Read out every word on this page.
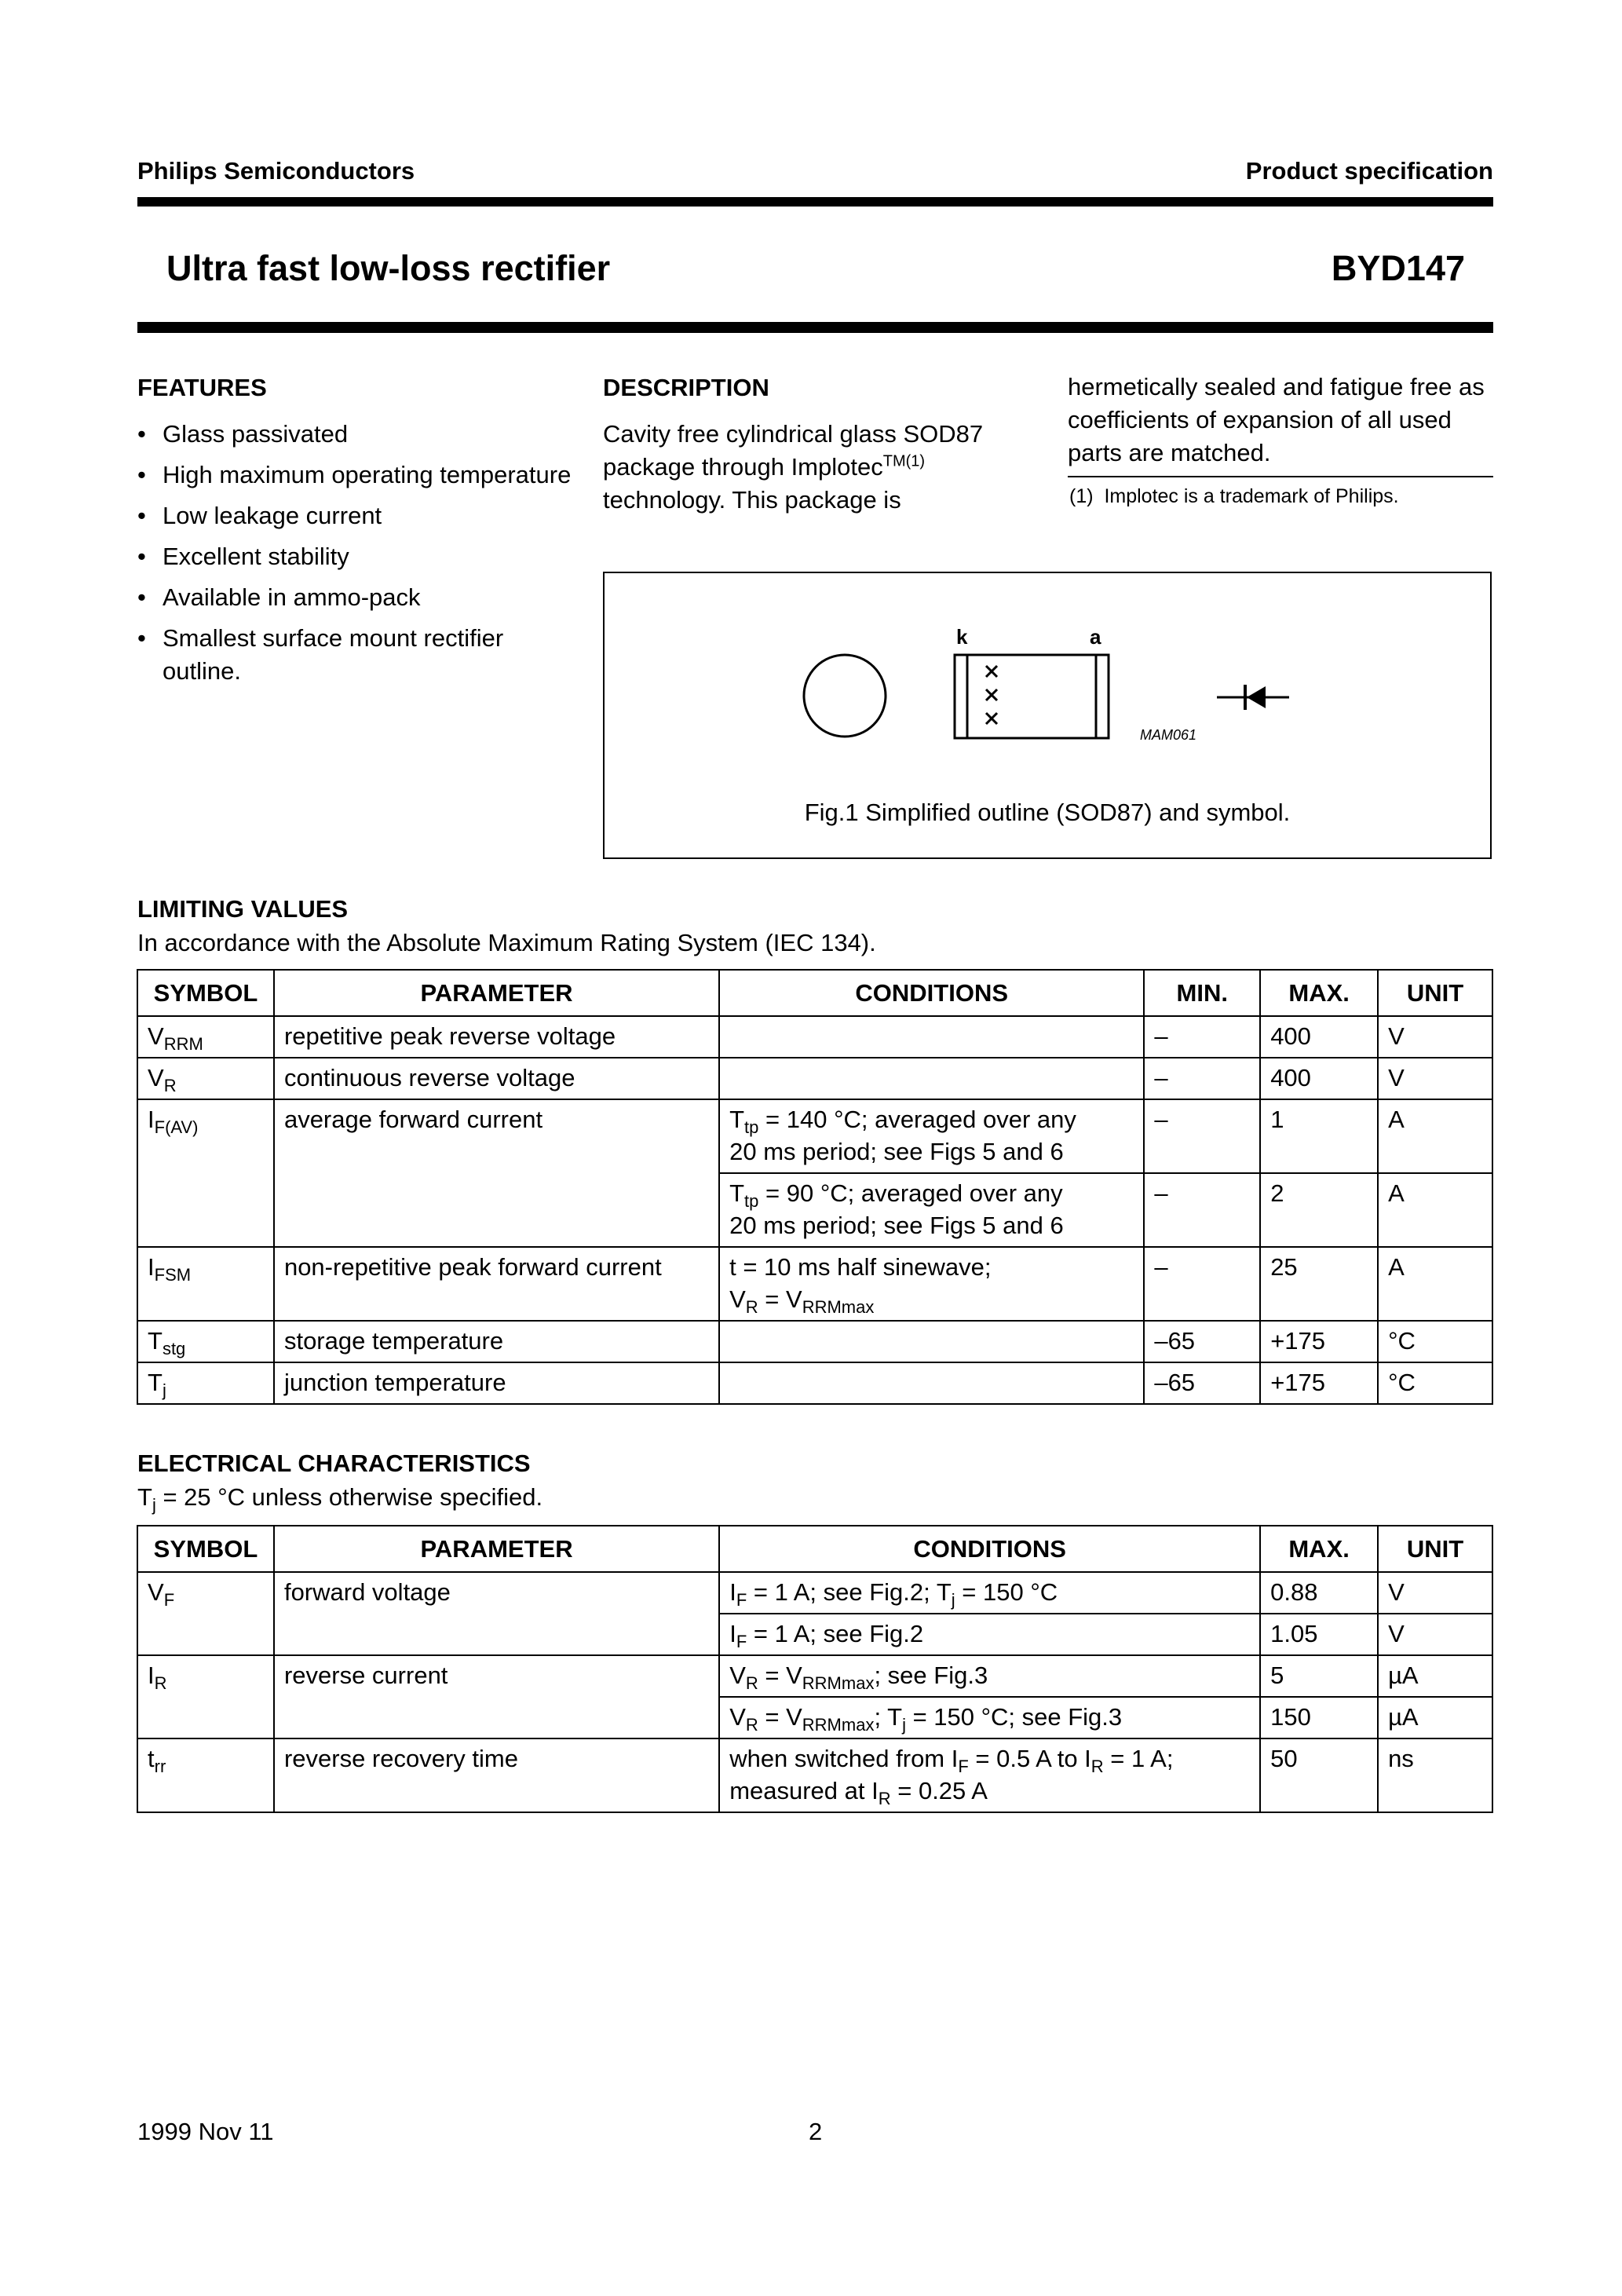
Philips Semiconductors	Product specification
Ultra fast low-loss rectifier	BYD147
FEATURES
• Glass passivated
• High maximum operating temperature
• Low leakage current
• Excellent stability
• Available in ammo-pack
• Smallest surface mount rectifier outline.
DESCRIPTION
Cavity free cylindrical glass SOD87 package through Implotec$^{TM(1)}$ technology. This package is
hermetically sealed and fatigue free as coefficients of expansion of all used parts are matched.
(1)  Implotec is a trademark of Philips.
k	a
MAM061
Fig.1 Simplified outline (SOD87) and symbol.
LIMITING VALUES
In accordance with the Absolute Maximum Rating System (IEC 134).
SYMBOL	PARAMETER	CONDITIONS	MIN.	MAX.	UNIT
$V_{RRM}$	repetitive peak reverse voltage		–	400	V
$V_R$	continuous reverse voltage		–	400	V
$I_{F(AV)}$	average forward current	$T_{tp} = 140$ °C; averaged over any
20 ms period; see Figs 5 and 6	–	1	A
		$T_{tp} = 90$ °C; averaged over any
20 ms period; see Figs 5 and 6	–	2	A
$I_{FSM}$	non-repetitive peak forward current	t = 10 ms half sinewave;
$V_R = V_{RRMmax}$	–	25	A
$T_{stg}$	storage temperature		–65	+175	°C
$T_j$	junction temperature		–65	+175	°C
ELECTRICAL CHARACTERISTICS
$T_j = 25$ °C unless otherwise specified.
SYMBOL	PARAMETER	CONDITIONS	MAX.	UNIT
$V_F$	forward voltage	$I_F = 1$ A; see Fig.2; $T_j = 150$ °C	0.88	V
		$I_F = 1$ A; see Fig.2	1.05	V
$I_R$	reverse current	$V_R = V_{RRMmax}$; see Fig.3	5	µA
		$V_R = V_{RRMmax}$; $T_j = 150$ °C; see Fig.3	150	µA
$t_{rr}$	reverse recovery time	when switched from $I_F = 0.5$ A to $I_R = 1$ A;
measured at $I_R = 0.25$ A	50	ns
1999 Nov 11	2
